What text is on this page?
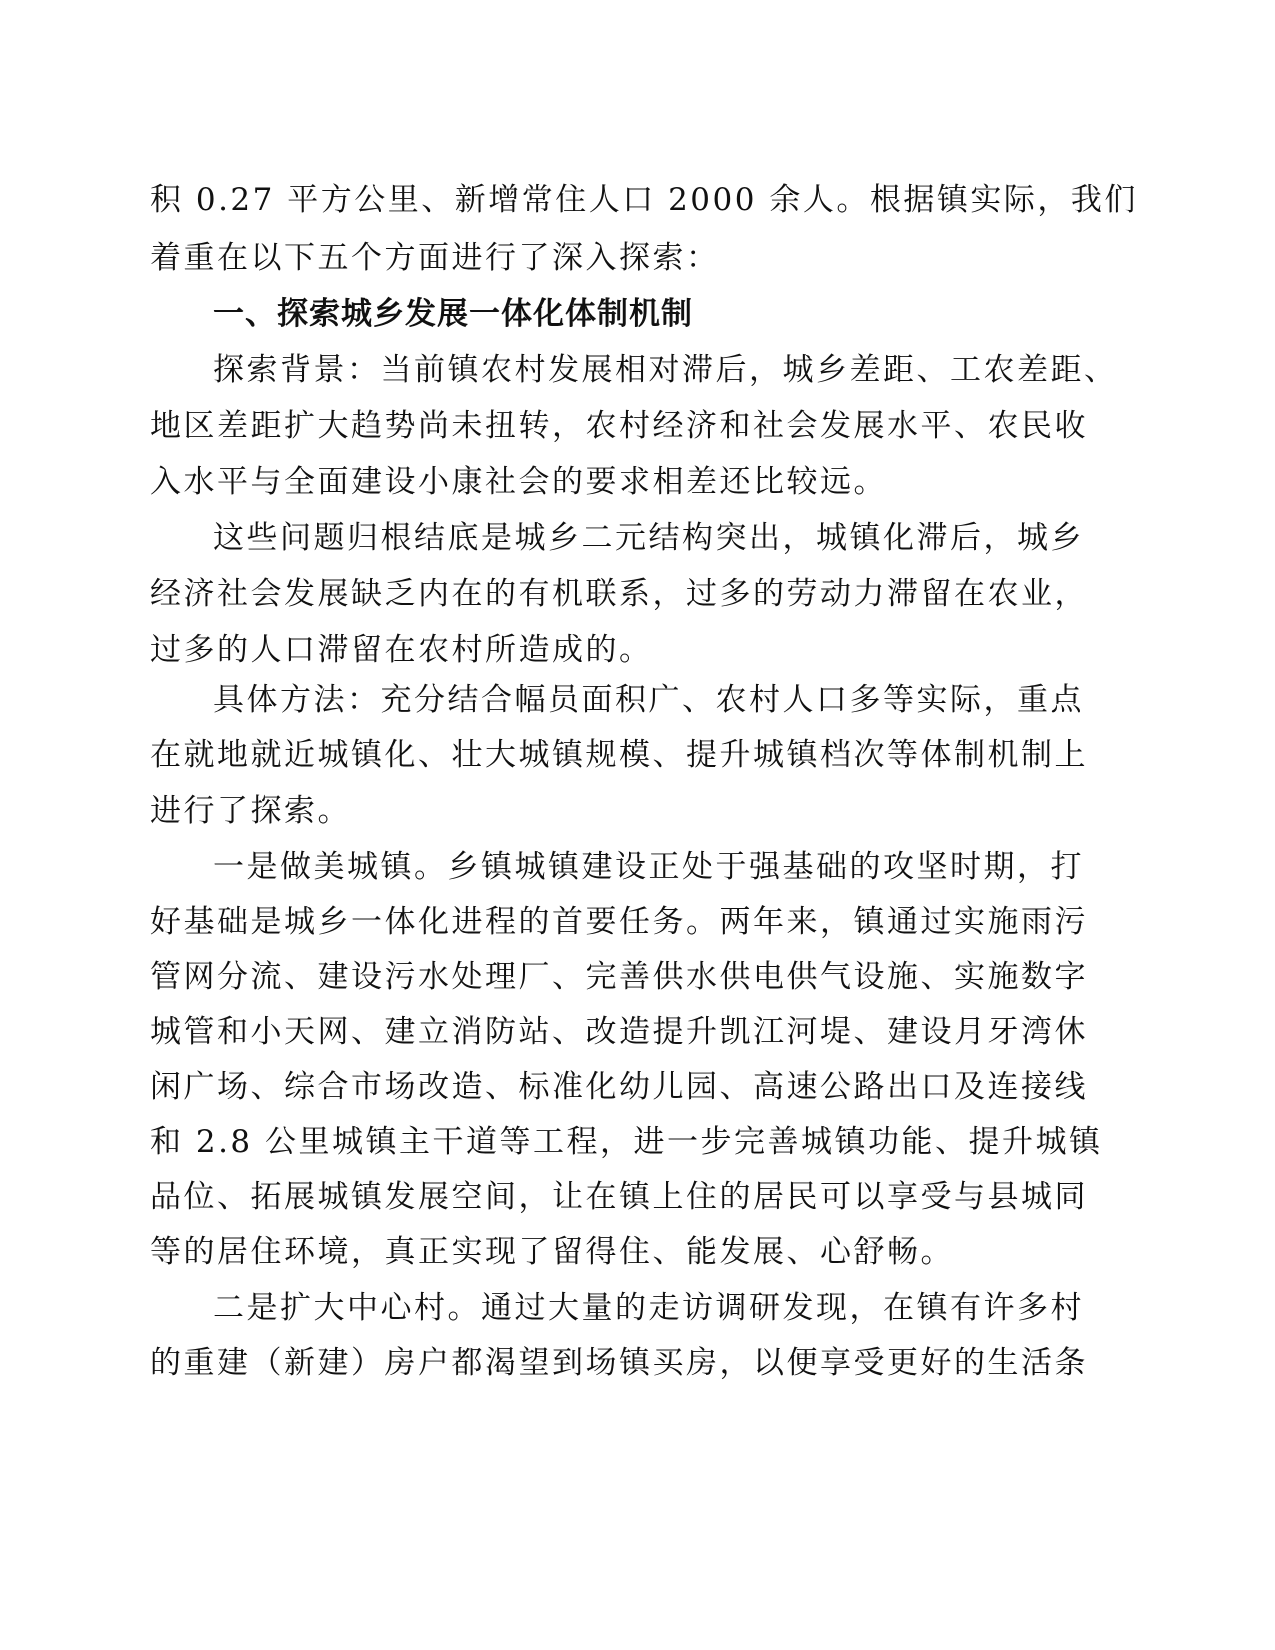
积 0.27 平方公里、新增常住人口 2000 余人。根据镇实际，我们
着重在以下五个方面进行了深入探索：
一、探索城乡发展一体化体制机制
探索背景：当前镇农村发展相对滞后，城乡差距、工农差距、
地区差距扩大趋势尚未扭转，农村经济和社会发展水平、农民收
入水平与全面建设小康社会的要求相差还比较远。
这些问题归根结底是城乡二元结构突出，城镇化滞后，城乡
经济社会发展缺乏内在的有机联系，过多的劳动力滞留在农业，
过多的人口滞留在农村所造成的。
具体方法：充分结合幅员面积广、农村人口多等实际，重点
在就地就近城镇化、壮大城镇规模、提升城镇档次等体制机制上
进行了探索。
一是做美城镇。乡镇城镇建设正处于强基础的攻坚时期，打
好基础是城乡一体化进程的首要任务。两年来，镇通过实施雨污
管网分流、建设污水处理厂、完善供水供电供气设施、实施数字
城管和小天网、建立消防站、改造提升凯江河堤、建设月牙湾休
闲广场、综合市场改造、标准化幼儿园、高速公路出口及连接线
和 2.8 公里城镇主干道等工程，进一步完善城镇功能、提升城镇
品位、拓展城镇发展空间，让在镇上住的居民可以享受与县城同
等的居住环境，真正实现了留得住、能发展、心舒畅。
二是扩大中心村。通过大量的走访调研发现，在镇有许多村
的重建（新建）房户都渴望到场镇买房，以便享受更好的生活条
